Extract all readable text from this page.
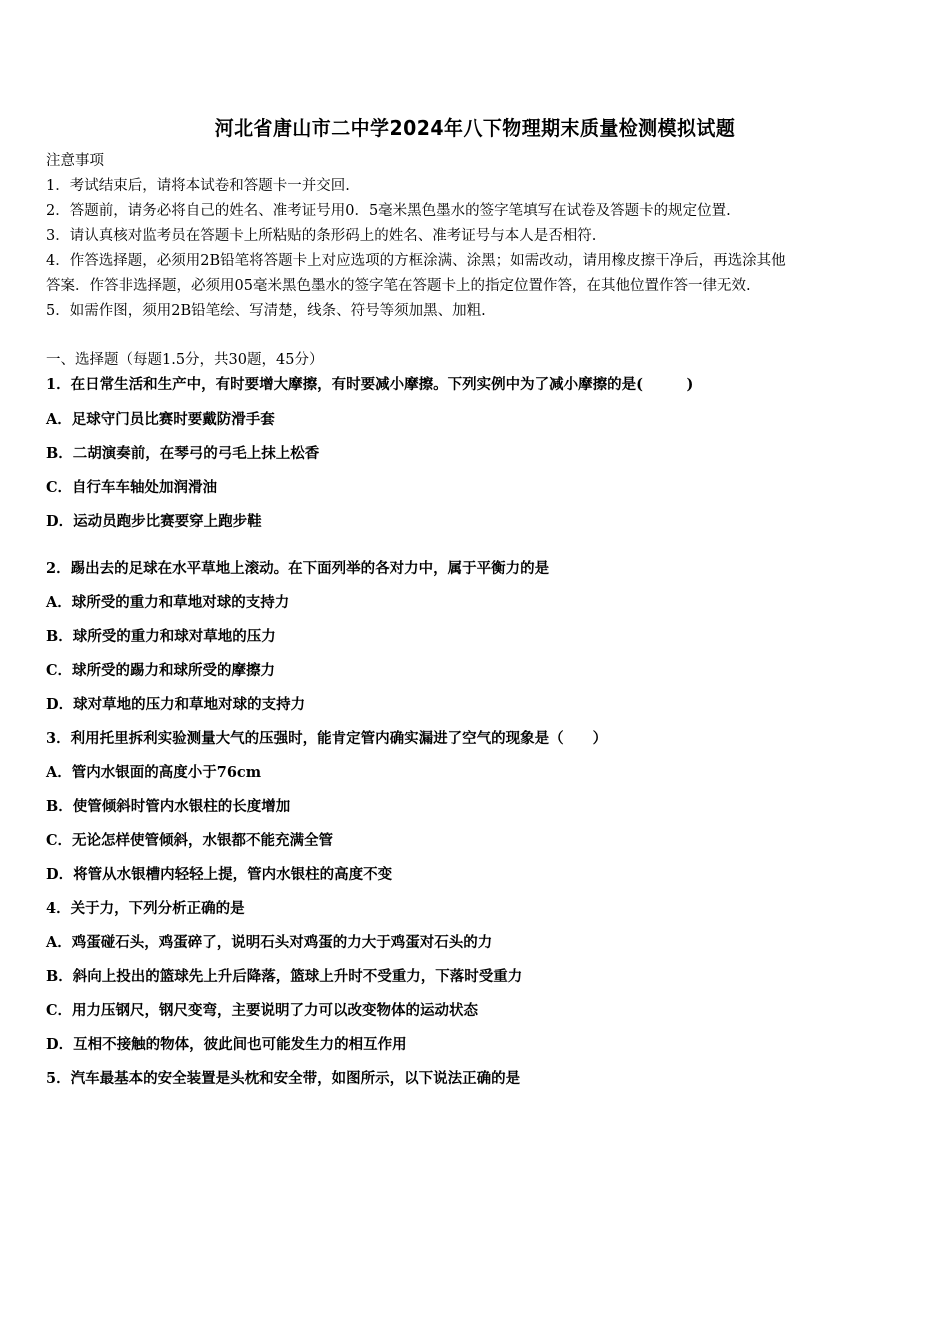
河北省唐山市二中学2024年八下物理期末质量检测模拟试题
注意事项
1．考试结束后，请将本试卷和答题卡一并交回.
2．答题前，请务必将自己的姓名、准考证号用0．5毫米黑色墨水的签字笔填写在试卷及答题卡的规定位置.
3．请认真核对监考员在答题卡上所粘贴的条形码上的姓名、准考证号与本人是否相符.
4．作答选择题，必须用2B铅笔将答题卡上对应选项的方框涂满、涂黑；如需改动，请用橡皮擦干净后，再选涂其他
答案．作答非选择题，必须用05毫米黑色墨水的签字笔在答题卡上的指定位置作答，在其他位置作答一律无效.
5．如需作图，须用2B铅笔绘、写清楚，线条、符号等须加黑、加粗.
一、选择题（每题1.5分，共30题，45分）
1．在日常生活和生产中，有时要增大摩擦，有时要减小摩擦。下列实例中为了减小摩擦的是(　　　)
A．足球守门员比赛时要戴防滑手套
B．二胡演奏前，在琴弓的弓毛上抹上松香
C．自行车车轴处加润滑油
D．运动员跑步比赛要穿上跑步鞋
2．踢出去的足球在水平草地上滚动。在下面列举的各对力中，属于平衡力的是
A．球所受的重力和草地对球的支持力
B．球所受的重力和球对草地的压力
C．球所受的踢力和球所受的摩擦力
D．球对草地的压力和草地对球的支持力
3．利用托里拆利实验测量大气的压强时，能肯定管内确实漏进了空气的现象是（　　）
A．管内水银面的高度小于76cm
B．使管倾斜时管内水银柱的长度增加
C．无论怎样使管倾斜，水银都不能充满全管
D．将管从水银槽内轻轻上提，管内水银柱的高度不变
4．关于力，下列分析正确的是
A．鸡蛋碰石头，鸡蛋碎了，说明石头对鸡蛋的力大于鸡蛋对石头的力
B．斜向上投出的篮球先上升后降落，篮球上升时不受重力，下落时受重力
C．用力压钢尺，钢尺变弯，主要说明了力可以改变物体的运动状态
D．互相不接触的物体，彼此间也可能发生力的相互作用
5．汽车最基本的安全装置是头枕和安全带，如图所示，以下说法正确的是
